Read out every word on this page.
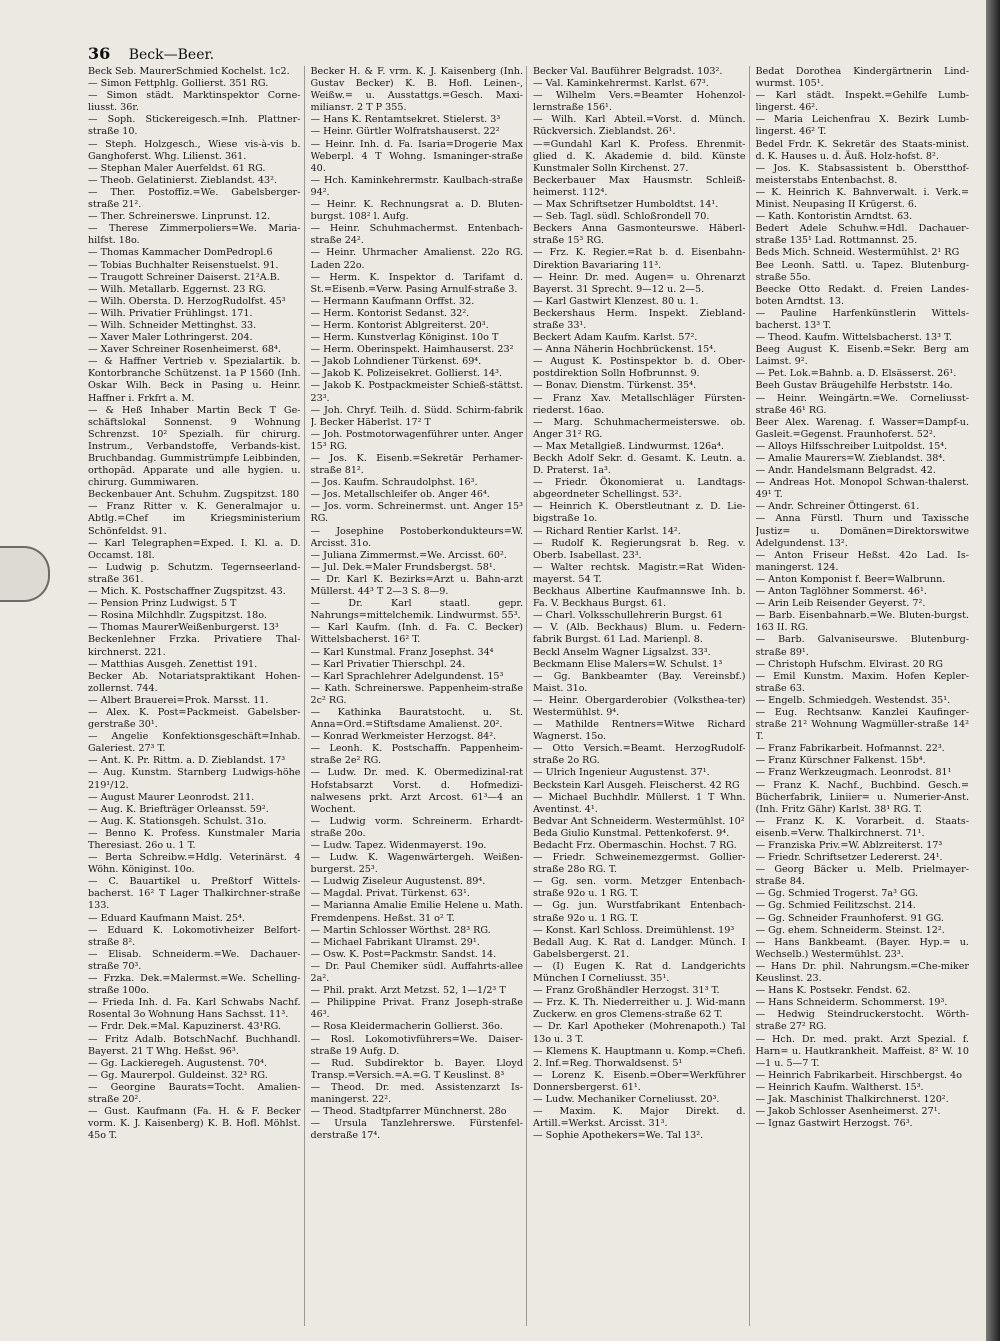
36 Beck—Beer.

Beck Seb. MaurerSchmied Kochelst. 1c2.

— Simon Fettphlg. Gollierst. 351 RG.

— Simon städt. Marktinspektor Corne-liusst. 36r.

— Soph. Stickereigesch.=Inh. Plattner-straße 10.

— Steph. Holzgesch., Wiese vis-à-vis b. Ganghoferst. Whg. Lilienst. 361.

— Stephan Maler Auerfeldst. 61 RG.

— Theob. Gelatinierst. Zieblandst. 43².

— Ther. Postoffiz.=We. Gabelsberger-straße 21².

— Ther. Schreinerswe. Linprunst. 12.

— Therese Zimmerpoliers=We. Maria-hilfst. 18o.

— Thomas Kammacher DomPedropl.6

— Tobias Buchhalter Reisenstuelst. 91.

— Traugott Schreiner Daiserst. 21²A.B.

— Wilh. Metallarb. Eggernst. 23 RG.

— Wilh. Oberstа. D. HerzogRudolfst. 45³

— Wilh. Privatier Frühlingst. 171.

— Wilh. Schneider Mettinghst. 33.

— Xaver Maler Lothringerst. 204.

— Xaver Schreiner Rosenheimerst. 68⁴.

— & Haffner Vertrieb v. Spezialartik. b. Kontorbranche Schützenst. 1a P 1560 (Inh. Oskar Wilh. Beck in Pasing u. Heinr. Haffner i. Frkfrt a. M.

— & Heß Inhaber Martin Beck T Ge-schäftslokal Sonnenst. 9 Wohnung Schrenzst. 10² Spezialh. für chirurg. Instrum., Verbandstoffe, Verbands-kist. Bruchbandag. Gummistrümpfe Leibbinden, orthopäd. Apparate und alle hygien. u. chirurg. Gummiwaren.

Beckenbauer Ant. Schuhm. Zugspitzst. 180

— Franz Ritter v. K. Generalmajor u. Abtlg.=Chef im Kriegsministerium Schönfeldst. 91.

— Karl Telegraphen=Exped. I. Kl. a. D. Occamst. 18l.

— Ludwig p. Schutzm. Tegernseerland-straße 361.

— Mich. K. Postschaffner Zugspitzst. 43.

— Pension Prinz Ludwigst. 5 T

— Rosina Milchhdlr. Zugspitzst. 18o.

— Thomas MaurerWeißenburgerst. 13³

Beckenlehner Frzka. Privatiere Thal-kirchnerst. 221.

— Matthias Ausgeh. Zenettist 191.

Becker Ab. Notariatspraktikant Hohen-zollernst. 744.

— Albert Brauerei=Prok. Marsst. 11.

— Alex. K. Post=Packmeist. Gabelsber-gerstraße 30¹.

— Angelie Konfektionsgeschäft=Inhab. Galeriest. 27³ T.

— Ant. K. Pr. Rittm. a. D. Zieblandst. 17³

— Aug. Kunstm. Starnberg Ludwigs-höhe 219¹/12.

— August Maurer Leonrodst. 211.

— Aug. K. Briefträger Orleansst. 59².

— Aug. K. Stationsgeh. Schulst. 31o.

— Benno K. Profess. Kunstmaler Maria Theresiast. 26o u. 1 T.

— Berta Schreibw.=Hdlg. Veterinärst. 4 Wöhn. Königinst. 10o.

— C. Bauartikel u. Preßtorf Wittels-bacherst. 16² T Lager Thalkirchner-straße 133.

— Eduard Kaufmann Maist. 25⁴.

— Eduard K. Lokomotivheizer Belfort-straße 8².

— Elisab. Schneiderm.=We. Dachauer-straße 70³.

— Frzka. Dek.=Malermst.=We. Schelling-straße 100o.

— Frieda Inh. d. Fa. Karl Schwabs Nachf. Rosental 3o Wohnung Hans Sachsst. 11³.

— Frdr. Dek.=Mal. Kapuzinerst. 43¹RG.

— Fritz Adalb. BotschNachf. Buchhandl. Bayerst. 21 T Whg. Heßst. 96³.

— Gg. Lackieregeh. Augustenst. 70⁴.

— Gg. Maurerpol. Guldeinst. 32³ RG.

— Georgine Baurats=Tocht. Amalien-straße 20².

— Gust. Kaufmann (Fa. H. & F. Becker vorm. K. J. Kaisenberg) K. B. Hofl. Möhlst. 45o T.

Becker H. & F. vrm. K. J. Kaisenberg (Inh. Gustav Becker) K. B. Hofl. Leinen-, Weißw.= u. Ausstattgs.=Gesch. Maxi-miliansт. 2 T P 355.

— Hans K. Rentamtsekret. Stielerst. 3³

— Heinr. Gürtler Wolfratshauserst. 22²

— Heinr. Inh. d. Fa. Isaria=Drogerie Max Weberpl. 4 T Wohng. Ismaninger-straße 40.

— Hch. Kaminkehrermstr. Kaulbach-straße 94².

— Heinr. K. Rechnungsrat a. D. Bluten-burgst. 108² l. Aufg.

— Heinr. Schuhmachermst. Entenbach-straße 24².

— Heinr. Uhrmacher Amalienst. 22o RG. Laden 22o.

— Herm. K. Inspektor d. Tarifamt d. St.=Eisenb.=Verw. Pasing Arnulf-straße 3.

— Hermann Kaufmann Orffst. 32.

— Herm. Kontorist Sedanst. 32².

— Herm. Kontorist Ablgreiterst. 20³.

— Herm. Kunstverlag Königinst. 10o T

— Herm. Oberinspekt. Haimhauserst. 23²

— Jakob Lohndiener Türkenst. 69⁴.

— Jakob K. Polizeisekret. Gollierst. 14³.

— Jakob K. Postpackmeister Schieß-stättst. 23³.

— Joh. Chryf. Teilh. d. Südd. Schirm-fabrik J. Becker Häberlst. 17² T

— Joh. Postmotorwagenführer unter. Anger 15³ RG.

— Jos. K. Eisenb.=Sekretär Perhamer-straße 81².

— Jos. Kaufm. Schraudolphst. 16³.

— Jos. Metallschleifer ob. Anger 46⁴.

— Jos. vorm. Schreinermst. unt. Anger 15³ RG.

— Josephine Postoberkondukteurs=W. Arcisst. 31o.

— Juliana Zimmermst.=We. Arcisst. 60².

— Jul. Dek.=Maler Frundsbergst. 58¹.

— Dr. Karl K. Bezirks=Arzt u. Bahn-arzt Müllerst. 44³ T 2—3 S. 8—9.

— Dr. Karl staatl. gepr. Nahrungs=mittelchemik. Lindwurmst. 55³.

— Karl Kaufm. (Inh. d. Fa. C. Becker) Wittelsbacherst. 16² T.

— Karl Kunstmal. Franz Josephst. 34⁴

— Karl Privatier Thierschpl. 24.

— Karl Sprachlehrer Adelgundenst. 15³

— Kath. Schreinerswe. Pappenheim-straße 2c² RG.

— Kathinka Bauratstocht. u. St. Anna=Ord.=Stiftsdame Amalienst. 20².

— Konrad Werkmeister Herzogst. 84².

— Leonh. K. Postschaffn. Pappenheim-straße 2e² RG.

— Ludw. Dr. med. K. Obermedizinal-rat Hofstabsarzt Vorst. d. Hofmedizi-nalwesens prkt. Arzt Arcost. 61³—4 an Wochent.

— Ludwig vorm. Schreinerm. Erhardt-straße 20o.

— Ludw. Tapez. Widenmayerst. 19o.

— Ludw. K. Wagenwärtergeh. Weißen-burgerst. 25³.

— Ludwig Ziseleur Augustenst. 89⁴.

— Magdal. Privat. Türkenst. 63¹.

— Marianna Amalie Emilie Helene u. Math. Fremdenpens. Heßst. 31 o² T.

— Martin Schlosser Wörthst. 28³ RG.

— Michael Fabrikant Ulramst. 29¹.

— Osw. K. Post=Packmstr. Sandst. 14.

— Dr. Paul Chemiker südl. Auffahrts-allee 2a².

— Phil. prakt. Arzt Metzst. 52, 1—1/2³ T

— Philippine Privat. Franz Joseph-straße 46³.

— Rosa Kleidermacherin Gollierst. 36o.

— Rosl. Lokomotivführers=We. Daiser-straße 19 Aufg. D.

— Rud. Subdirektor b. Bayer. Lloyd Transp.=Versich.=A.=G. T Keuslinst. 8³

— Theod. Dr. med. Assistenzarzt Is-maningerst. 22².

— Theod. Stadtpfarrer Münchnerst. 28o

— Ursula Tanzlehrerswe. Fürstenfel-derstraße 17⁴.

Becker Val. Bauführer Belgradst. 103².

— Val. Kaminkehrermst. Karlst. 67³.

— Wilhelm Vers.=Beamter Hohenzol-lernstraße 156¹.

— Wilh. Karl Abteil.=Vorst. d. Münch. Rückversich. Zieblandst. 26¹.

—=Gundahl Karl K. Profess. Ehrenmit-glied d. K. Akademie d. bild. Künste Kunstmaler Solln Kirchenst. 27.

Beckerbauer Max Hausmstr. Schleiß-heimerst. 112⁴.

— Max Schriftsetzer Humboldtst. 14¹.

— Seb. Tagl. südl. Schloßrondell 70.

Beckers Anna Gasmonteurswe. Häberl-straße 15³ RG.

— Frz. K. Regier.=Rat b. d. Eisenbahn-Direktion Bavariaring 11³.

— Heinr. Dr. med. Augen= u. Ohrenarzt Bayerst. 31 Sprecht. 9—12 u. 2—5.

— Karl Gastwirt Klenzest. 80 u. 1.

Beckershaus Herm. Inspekt. Ziebland-straße 33¹.

Beckert Adam Kaufm. Karlst. 57².

— Anna Näherin Hochbrückenst. 15⁴.

— August K. Postinspektor b. d. Ober-postdirektion Solln Hofbrunnst. 9.

— Bonav. Dienstm. Türkenst. 35⁴.

— Franz Xav. Metallschläger Fürsten-riederst. 16ao.

— Marg. Schuhmachermeisterswe. ob. Anger 31² RG.

— Max Metallgieß. Lindwurmst. 126a⁴.

Beckh Adolf Sekr. d. Gesamt. K. Leutn. a. D. Praterst. 1a³.

— Friedr. Ökonomierat u. Landtags-abgeordneter Schellingst. 53².

— Heinrich K. Oberstleutnant z. D. Lie-bigstraße 1o.

— Richard Rentier Karlst. 14².

— Rudolf K. Regierungsrat b. Reg. v. Oberb. Isabellast. 23³.

— Walter rechtsk. Magistr.=Rat Widen-mayerst. 54 T.

Beckhaus Albertine Kaufmannswe Inh. b. Fa. V. Beckhaus Burgst. 61.

— Charl. Volksschullehrerin Burgst. 61

— V. (Alb. Beckhaus) Blum. u. Federn-fabrik Burgst. 61 Lad. Marienpl. 8.

Beckl Anselm Wagner Ligsalzst. 33³.

Beckmann Elise Malers=W. Schulst. 1³

— Gg. Bankbeamter (Bay. Vereinsbf.) Maist. 31o.

— Heinr. Obergarderobier (Volksthea-ter) Westermühlst. 9⁴.

— Mathilde Rentners=Witwe Richard Wagnerst. 15o.

— Otto Versich.=Beamt. HerzogRudolf-straße 2o RG.

— Ulrich Ingenieur Augustenst. 37¹.

Beckstein Karl Ausgeh. Fleischerst. 42 RG

— Michael Buchhdlr. Müllerst. 1 T Whn. Aventinst. 4¹.

Bedvar Ant Schneiderm. Westermühlst. 10²

Beda Giulio Kunstmal. Pettenkoferst. 9⁴.

Bedacht Frz. Obermaschin. Hochst. 7 RG.

— Friedr. Schweinemezgermst. Gollier-straße 28o RG. T.

— Gg. sen. vorm. Metzger Entenbach-straße 92o u. 1 RG. T.

— Gg. jun. Wurstfabrikant Entenbach-straße 92o u. 1 RG. T.

— Konst. Karl Schloss. Dreimühlenst. 19³

Bedall Aug. K. Rat d. Landger. Münch. I Gabelsbergerst. 21.

— (I) Eugen K. Rat d. Landgerichts München I Corneliusst. 35¹.

— Franz Großhändler Herzogst. 31³ T.

— Frz. K. Th. Niederreither u. J. Wid-mann Zuckerw. en gros Clemens-straße 62 T.

— Dr. Karl Apotheker (Mohrenapoth.) Tal 13o u. 3 T.

— Klemens K. Hauptmann u. Komp.=Chefi. 2. Inf.=Reg. Thorwaldsenst. 5¹

— Lorenz K. Eisenb.=Ober=Werkführer Donnersbergerst. 61¹.

— Ludw. Mechaniker Corneliusst. 20³.

— Maxim. K. Major Direkt. d. Artill.=Werkst. Arcisst. 31³.

— Sophie Apothekers=We. Tal 13².

Bedat Dorothea Kindergärtnerin Lind-wurmst. 105¹.

— Karl städt. Inspekt.=Gehilfe Lumb-lingerst. 46².

— Maria Leichenfrau X. Bezirk Lumb-lingerst. 46² T.

Bedel Frdr. K. Sekretär des Staats-minist. d. K. Hauses u. d. Äuß. Holz-hofst. 8².

— Jos. K. Stabsassistent b. Oberstthof-meisterstabs Entenbachst. 8.

— K. Heinrich K. Bahnverwalt. i. Verk.= Minist. Neupasing II Krügerst. 6.

— Kath. Kontoristin Arndtst. 63.

Bedert Adele Schuhw.=Hdl. Dachauer-straße 135¹ Lad. Rottmannst. 25.

Beds Mich. Schneid. Westermühlst. 2¹ RG

Bee Leonh. Sattl. u. Tapez. Blutenburg-straße 55o.

Beecke Otto Redakt. d. Freien Landes-boten Arndtst. 13.

— Pauline Harfenkünstlerin Wittels-bacherst. 13³ T.

— Theod. Kaufm. Wittelsbacherst. 13³ T.

Beeg August K. Eisenb.=Sekr. Berg am Laimst. 9².

— Pet. Lok.=Bahnb. a. D. Elsässerst. 26¹.

Beeh Gustav Bräugehilfe Herbststr. 14o.

— Heinr. Weingärtn.=We. Corneliusst-straße 46¹ RG.

Beer Alex. Warenag. f. Wasser=Dampf-u. Gasleit.=Gegenst. Fraunhoferst. 52².

— Alloys Hilfsschreiber Luitpoldst. 15⁴.

— Amalie Maurers=W. Zieblandst. 38⁴.

— Andr. Handelsmann Belgradst. 42.

— Andreas Hot. Monopol Schwan-thalerst. 49¹ T.

— Andr. Schreiner Öttingerst. 61.

— Anna Fürstl. Thurn und Taxissche Justiz= u. Domänen=Direktorswitwe Adelgundenst. 13².

— Anton Friseur Heßst. 42o Lad. Is-maningerst. 124.

— Anton Komponist f. Beer=Walbrunn.

— Anton Taglöhner Sommerst. 46¹.

— Arin Leib Reisender Geyerst. 7².

— Barb. Eisenbahnarb.=We. Bluten-burgst. 163 II. RG.

— Barb. Galvaniseurswe. Blutenburg-straße 89¹.

— Christoph Hufschm. Elvirast. 20 RG

— Emil Kunstm. Maxim. Hofen Kepler-straße 63.

— Engelb. Schmiedgeh. Westendst. 35¹.

— Eug. Rechtsanw. Kanzlei Kaufinger-straße 21² Wohnung Wagmüller-straße 14² T.

— Franz Fabrikarbeit. Hofmannst. 22³.

— Franz Kürschner Falkenst. 15b⁴.

— Franz Werkzeugmach. Leonrodst. 81¹

— Franz K. Nachf., Buchbind. Gesch.= Bücherfabrik, Liniier= u. Numerier-Anst. (Inh. Fritz Gähr) Karlst. 38¹ RG. T.

— Franz K. K. Vorarbeit. d. Staats-eisenb.=Verw. Thalkirchnerst. 71¹.

— Franziska Priv.=W. Ablzreiterst. 17³

— Friedr. Schriftsetzer Ledererst. 24¹.

— Georg Bäcker u. Melb. Prielmayer-straße 84.

— Gg. Schmied Trogerst. 7a³ GG.

— Gg. Schmied Feilitzschst. 214.

— Gg. Schneider Fraunhoferst. 91 GG.

— Gg. ehem. Schneiderm. Steinst. 12².

— Hans Bankbeamt. (Bayer. Hyp.= u. Wechselb.) Westermühlst. 23³.

— Hans Dr. phil. Nahrungsm.=Che-miker Keuslinst. 23.

— Hans K. Postsekr. Fendst. 62.

— Hans Schneiderm. Schommerst. 19³.

— Hedwig Steindruckerstocht. Wörth-straße 27² RG.

— Hch. Dr. med. prakt. Arzt Spezial. f. Harn= u. Hautkrankheit. Maffeist. 8² W. 10—1 u. 5—7 T.

— Heinrich Fabrikarbeit. Hirschbergst. 4o

— Heinrich Kaufm. Waltherst. 15³.

— Jak. Maschinist Thalkirchnerst. 120².

— Jakob Schlosser Asenheimerst. 27¹.

— Ignaz Gastwirt Herzogst. 76³.
